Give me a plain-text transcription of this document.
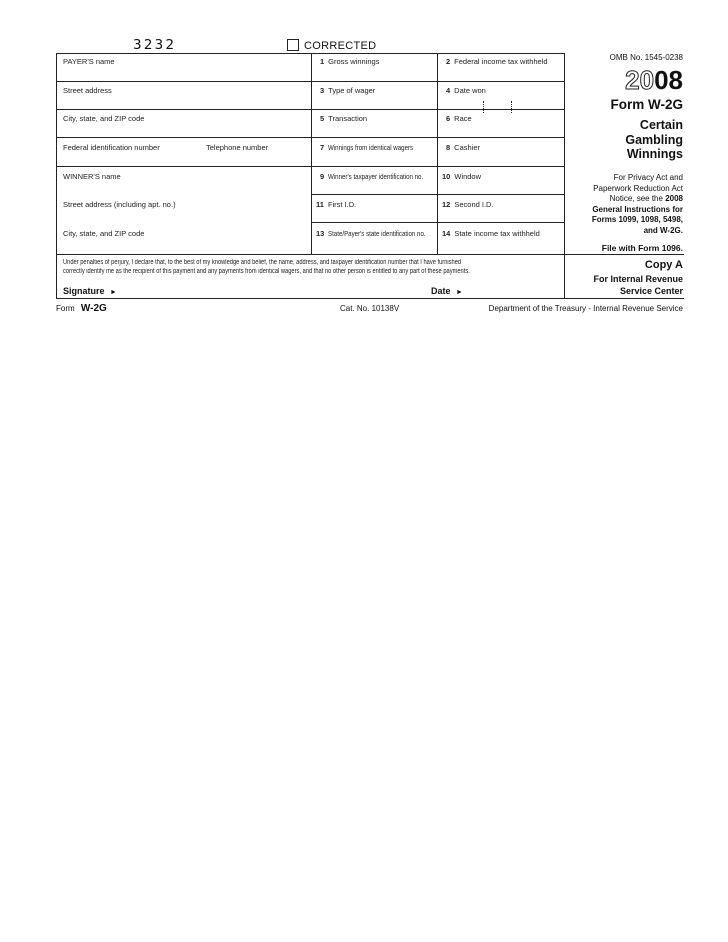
3232	CORRECTED
PAYER'S name
Street address
City, state, and ZIP code
Federal identification number	Telephone number
WINNER'S name
Street address (including apt. no.)
City, state, and ZIP code
1 Gross winnings	2 Federal income tax withheld
3 Type of wager	4 Date won
5 Transaction	6 Race
7 Winnings from identical wagers	8 Cashier
9 Winner's taxpayer identification no.	10 Window
11 First I.D.	12 Second I.D.
13 State/Payer's state identification no.	14 State income tax withheld
Under penalties of perjury, I declare that, to the best of my knowledge and belief, the name, address, and taxpayer identification number that I have furnished
correctly identify me as the recipient of this payment and any payments from identical wagers, and that no other person is entitled to any part of these payments.
Signature ►	Date ►
OMB No. 1545-0238
2008
Form W-2G
Certain Gambling Winnings
For Privacy Act and
Paperwork Reduction Act
Notice, see the 2008
General Instructions for
Forms 1099, 1098, 5498,
and W-2G.
File with Form 1096.
Copy A
For Internal Revenue
Service Center
Form W-2G	Cat. No. 10138V	Department of the Treasury - Internal Revenue Service
